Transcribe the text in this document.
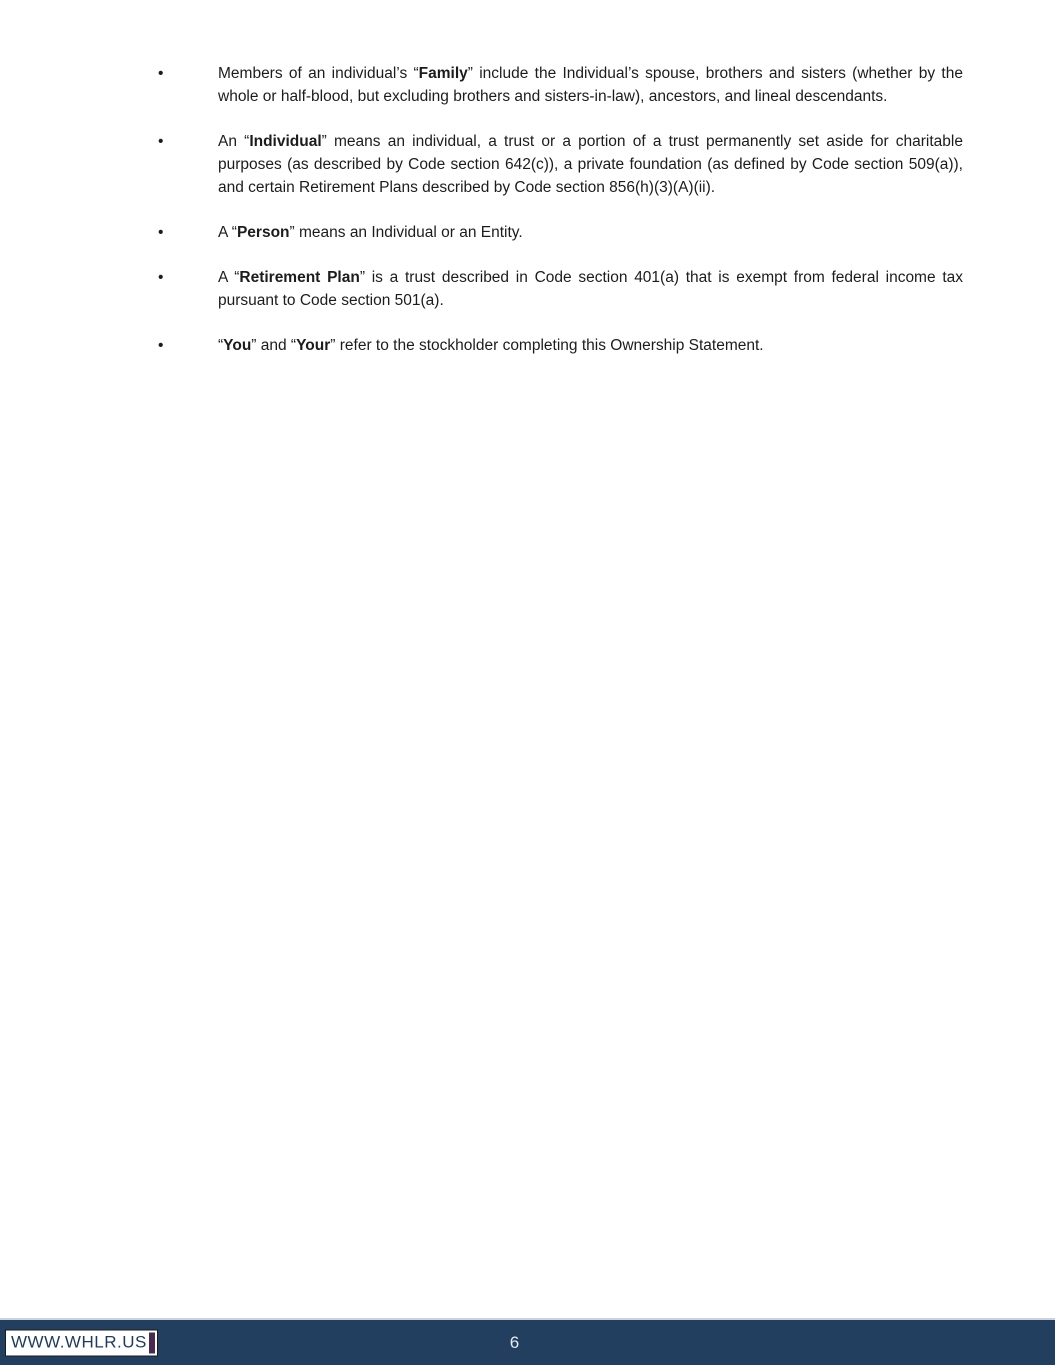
•	Members of an individual’s “Family” include the Individual’s spouse, brothers and sisters (whether by the whole or half-blood, but excluding brothers and sisters-in-law), ancestors, and lineal descendants.

•	An “Individual” means an individual, a trust or a portion of a trust permanently set aside for charitable purposes (as described by Code section 642(c)), a private foundation (as defined by Code section 509(a)), and certain Retirement Plans described by Code section 856(h)(3)(A)(ii).

•	A “Person” means an Individual or an Entity.

•	A “Retirement Plan” is a trust described in Code section 401(a) that is exempt from federal income tax pursuant to Code section 501(a).

•	“You” and “Your” refer to the stockholder completing this Ownership Statement.

WWW.WHLR.US	6
